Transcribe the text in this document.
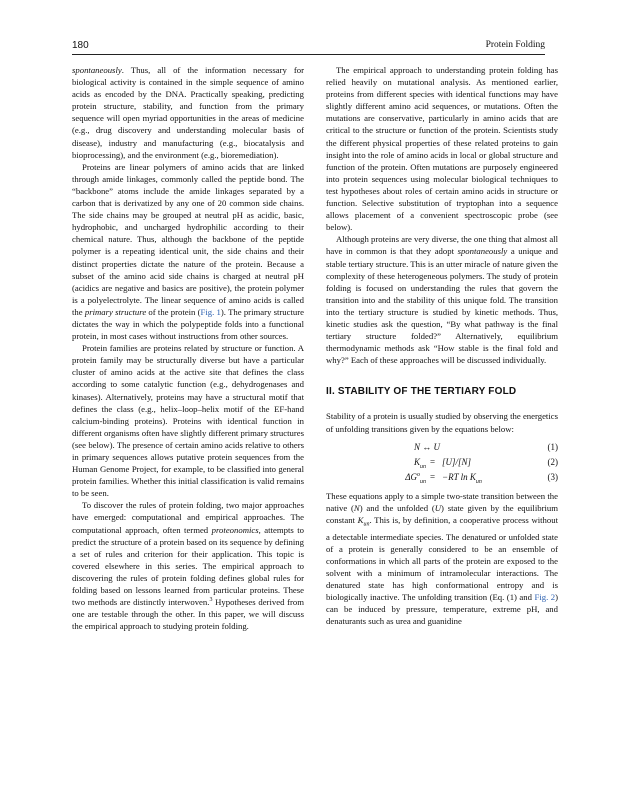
180	Protein Folding

spontaneously. Thus, all of the information necessary for biological activity is contained in the simple sequence of amino acids as encoded by the DNA. Practically speaking, predicting protein structure, stability, and function from the primary sequence will open myriad opportunities in the areas of medicine (e.g., drug discovery and understanding molecular basis of disease), industry and manufacturing (e.g., biocatalysis and bioprocessing), and the environment (e.g., bioremediation).

Proteins are linear polymers of amino acids that are linked through amide linkages, commonly called the peptide bond. The “backbone” atoms include the amide linkages separated by a carbon that is derivatized by any one of 20 common side chains. The side chains may be grouped at neutral pH as acidic, basic, hydrophobic, and uncharged hydrophilic according to their chemical nature. Thus, although the backbone of the peptide polymer is a repeating identical unit, the side chains and their distinct properties dictate the nature of the protein. Because a subset of the amino acid side chains is charged at neutral pH (acidics are negative and basics are positive), the protein polymer is a polyelectrolyte. The linear sequence of amino acids is called the primary structure of the protein (Fig. 1). The primary structure dictates the way in which the polypeptide folds into a functional protein, in most cases without instructions from other sources.

Protein families are proteins related by structure or function. A protein family may be structurally diverse but have a particular cluster of amino acids at the active site that defines the class according to some catalytic function (e.g., dehydrogenases and kinases). Alternatively, proteins may have a structural motif that defines the class (e.g., helix–loop–helix motif of the EF-hand calcium-binding proteins). Proteins with identical function in different organisms often have slightly different primary structures (see below). The presence of certain amino acids relative to others in primary sequences allows putative protein sequences from the Human Genome Project, for example, to be classified into general protein families. Whether this initial classification is valid remains to be seen.

To discover the rules of protein folding, two major approaches have emerged: computational and empirical approaches. The computational approach, often termed proteonomics, attempts to predict the structure of a protein based on its sequence by defining a set of rules and criterion for their application. This topic is covered elsewhere in this series. The empirical approach to discovering the rules of protein folding defines global rules for folding based on lessons learned from particular proteins. These two methods are distinctly interwoven.$^3$ Hypotheses derived from one are testable through the other. In this paper, we will discuss the empirical approach to studying protein folding.

The empirical approach to understanding protein folding has relied heavily on mutational analysis. As mentioned earlier, proteins from different species with identical functions may have slightly different amino acid sequences, or mutations. Often the mutations are conservative, particularly in amino acids that are critical to the structure or function of the protein. Scientists study the different physical properties of these related proteins to gain insight into the role of amino acids in local or global structure and function of the protein. Often mutations are purposely engineered into protein sequences using molecular biological techniques to test hypotheses about roles of certain amino acids in structure or function. Selective substitution of tryptophan into a sequence allows placement of a convenient spectroscopic probe (see below).

Although proteins are very diverse, the one thing that almost all have in common is that they adopt spontaneously a unique and stable tertiary structure. This is an utter miracle of nature given the complexity of these heterogeneous polymers. The study of protein folding is focused on understanding the rules that govern the transition into and the stability of this unique fold. The transition into the tertiary structure is studied by kinetic methods. Thus, kinetic studies ask the question, “By what pathway is the final tertiary structure folded?” Alternatively, equilibrium thermodynamic methods ask “How stable is the final fold and why?” Each of these approaches will be discussed individually.

II. STABILITY OF THE TERTIARY FOLD

Stability of a protein is usually studied by observing the energetics of unfolding transitions given by the equations below:

N ↔ U	(1)
$K_{un} = [U]/[N]$	(2)
$\Delta G^o_{un} = -RT$ $\ln K_{un}$	(3)

These equations apply to a simple two-state transition between the native (N) and the unfolded (U) state given by the equilibrium constant $K_{un}$. This is, by definition, a cooperative process without a detectable intermediate species. The denatured or unfolded state of a protein is generally considered to be an ensemble of conformations in which all parts of the protein are exposed to the solvent with a minimum of intramolecular interactions. The denatured state has high conformational entropy and is biologically inactive. The unfolding transition (Eq. (1) and Fig. 2) can be induced by pressure, temperature, extreme pH, and denaturants such as urea and guanidine
